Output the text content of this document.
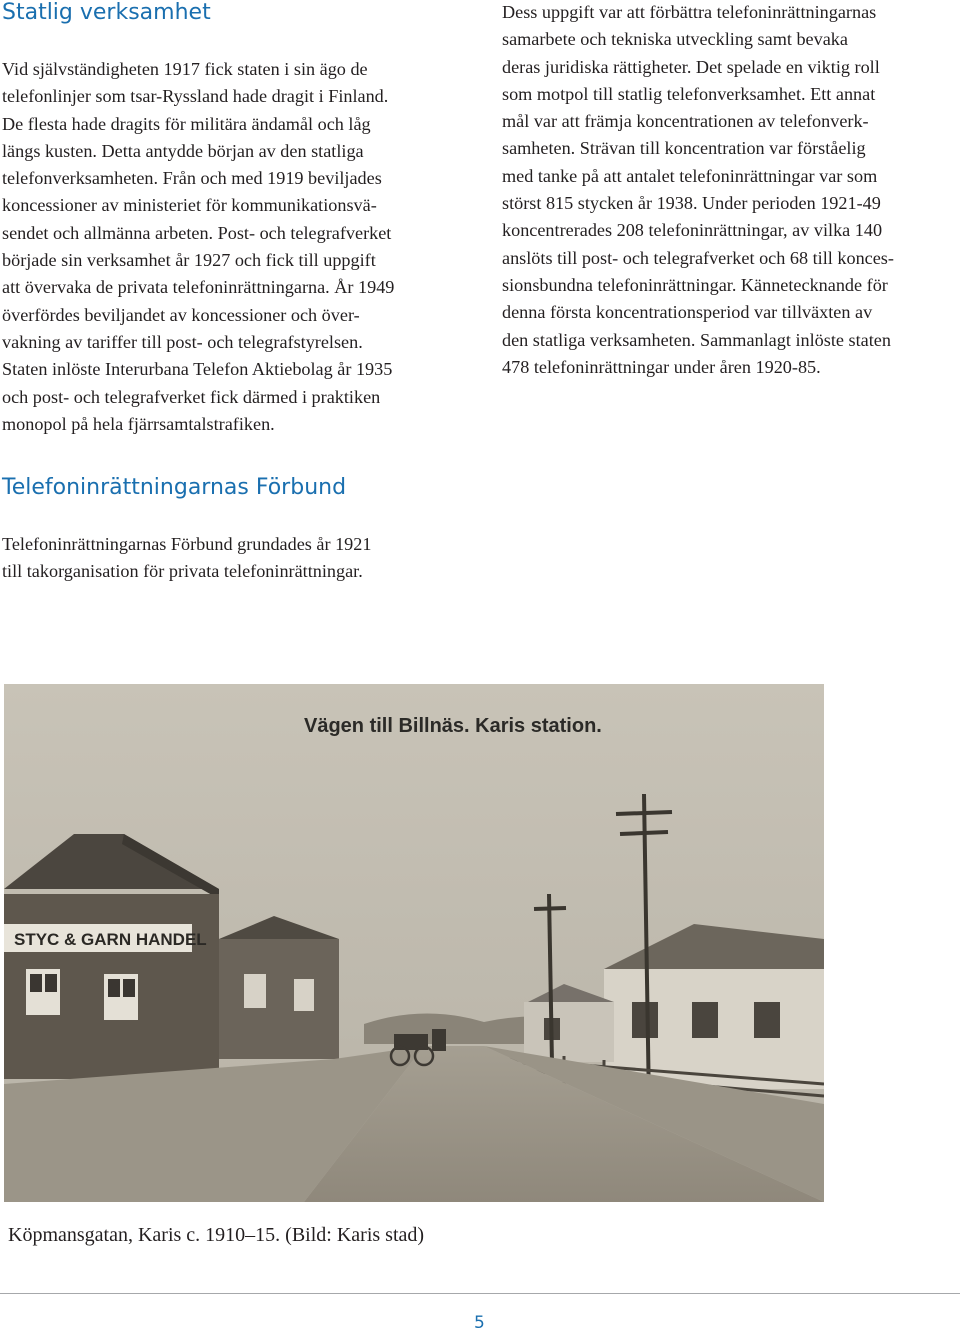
Statlig verksamhet
Vid självständigheten 1917 fick staten i sin ägo de
telefonlinjer som tsar-Ryssland hade dragit i Finland.
De flesta hade dragits för militära ändamål och låg
längs kusten. Detta antydde början av den statliga
telefonverksamheten. Från och med 1919 beviljades
koncessioner av ministeriet för kommunikationsvä-
sendet och allmänna arbeten. Post- och telegrafverket
började sin verksamhet år 1927 och fick till uppgift
att övervaka de privata telefoninrättningarna. År 1949
överfördes beviljandet av koncessioner och över-
vakning av tariffer till post- och telegrafstyrelsen.
Staten inlöste Interurbana Telefon Aktiebolag år 1935
och post- och telegrafverket fick därmed i praktiken
monopol på hela fjärrsamtalstrafiken.
Dess uppgift var att förbättra telefoninrättningarnas
samarbete och tekniska utveckling samt bevaka
deras juridiska rättigheter. Det spelade en viktig roll
som motpol till statlig telefonverksamhet. Ett annat
mål var att främja koncentrationen av telefonverk-
samheten. Strävan till koncentration var förståelig
med tanke på att antalet telefoninrättningar var som
störst 815 stycken år 1938. Under perioden 1921-49
koncentrerades 208 telefoninrättningar, av vilka 140
anslöts till post- och telegrafverket och 68 till konces-
sionsbundna telefoninrättningar. Kännetecknande för
denna första koncentrationsperiod var tillväxten av
den statliga verksamheten. Sammanlagt inlöste staten
478 telefoninrättningar under åren 1920-85.
Telefoninrättningarnas Förbund
Telefoninrättningarnas Förbund grundades år 1921
till takorganisation för privata telefoninrättningar.
Vägen till Billnäs. Karis station.
STYC & GARN HANDEL

Köpmansgatan, Karis c. 1910–15. (Bild: Karis stad)

5
